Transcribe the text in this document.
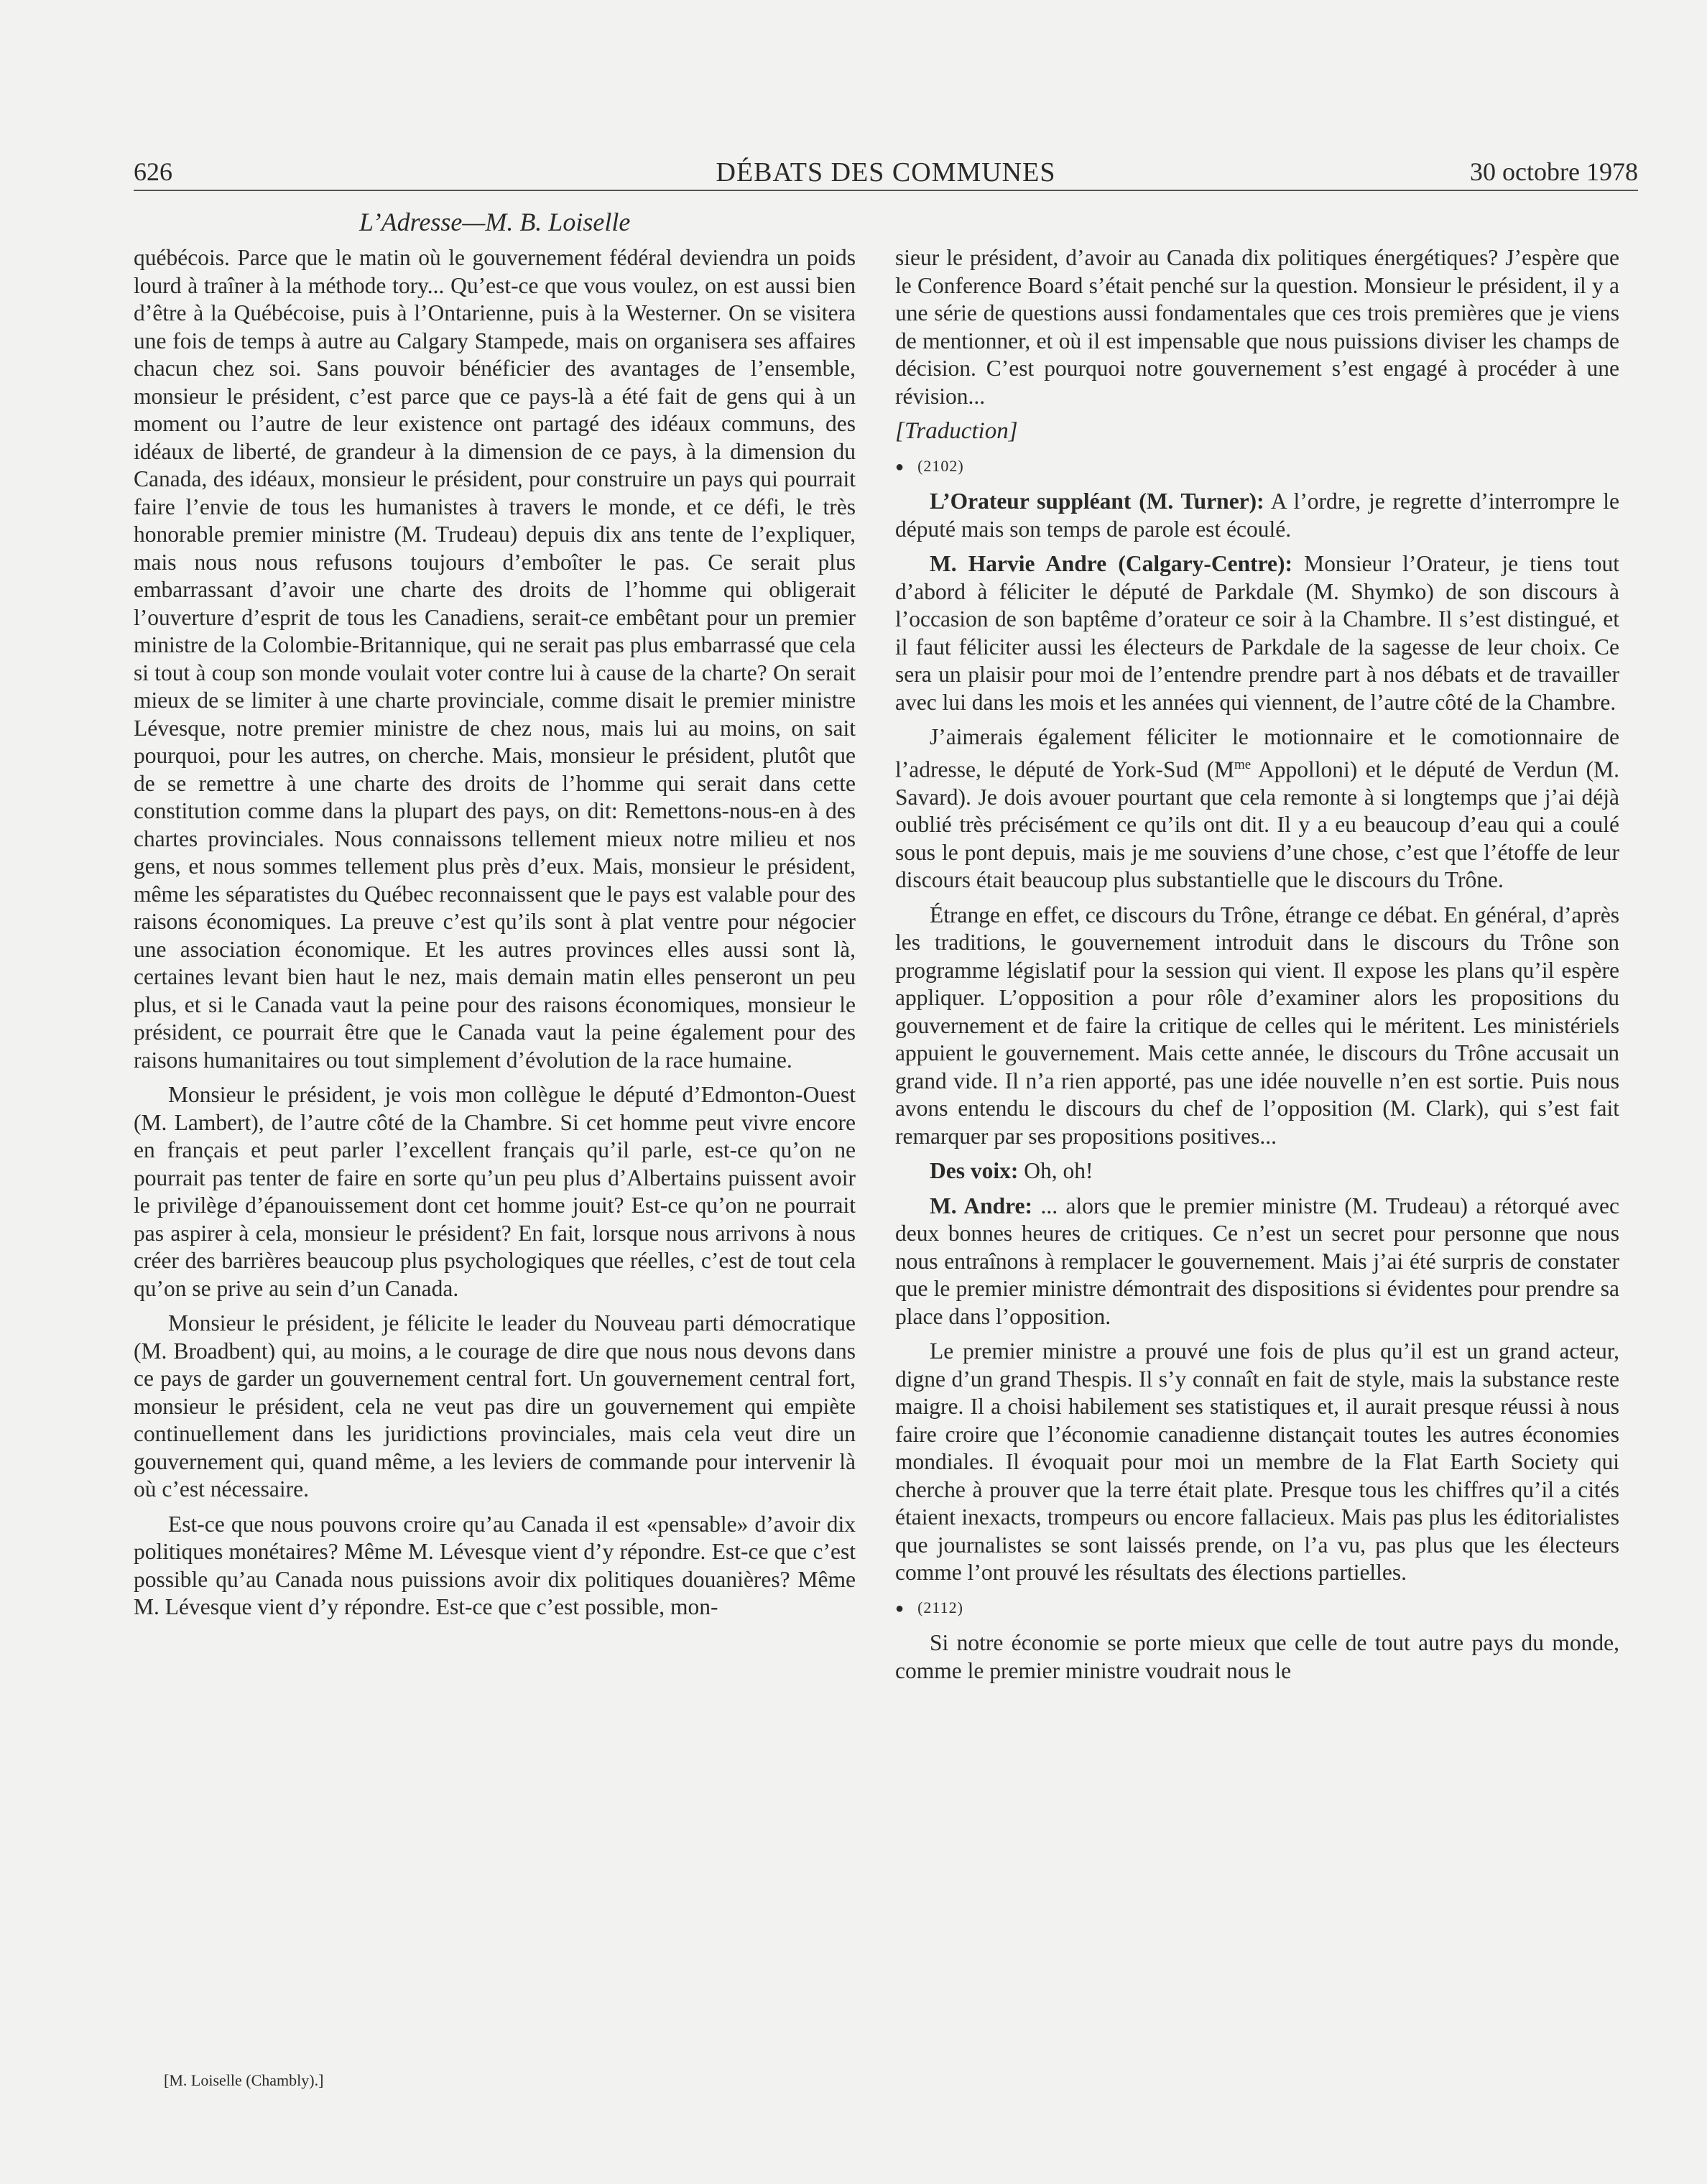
626	DÉBATS DES COMMUNES	30 octobre 1978
L’Adresse—M. B. Loiselle

québécois. Parce que le matin où le gouvernement fédéral deviendra un poids lourd à traîner à la méthode tory... Qu’est-ce que vous voulez, on est aussi bien d’être à la Québécoise, puis à l’Ontarienne, puis à la Westerner. On se visitera une fois de temps à autre au Calgary Stampede, mais on organisera ses affaires chacun chez soi. Sans pouvoir bénéficier des avantages de l’ensemble, monsieur le président, c’est parce que ce pays-là a été fait de gens qui à un moment ou l’autre de leur existence ont partagé des idéaux communs, des idéaux de liberté, de grandeur à la dimension de ce pays, à la dimension du Canada, des idéaux, monsieur le président, pour construire un pays qui pourrait faire l’envie de tous les humanistes à travers le monde, et ce défi, le très honorable premier ministre (M. Trudeau) depuis dix ans tente de l’expliquer, mais nous nous refusons toujours d’emboîter le pas. Ce serait plus embarrassant d’avoir une charte des droits de l’homme qui obligerait l’ouverture d’esprit de tous les Canadiens, serait-ce embêtant pour un premier ministre de la Colombie-Britannique, qui ne serait pas plus embarrassé que cela si tout à coup son monde voulait voter contre lui à cause de la charte? On serait mieux de se limiter à une charte provinciale, comme disait le premier ministre Lévesque, notre premier ministre de chez nous, mais lui au moins, on sait pourquoi, pour les autres, on cherche. Mais, monsieur le président, plutôt que de se remettre à une charte des droits de l’homme qui serait dans cette constitution comme dans la plupart des pays, on dit: Remettons-nous-en à des chartes provinciales. Nous connaissons tellement mieux notre milieu et nos gens, et nous sommes tellement plus près d’eux. Mais, monsieur le président, même les séparatistes du Québec reconnaissent que le pays est valable pour des raisons économiques. La preuve c’est qu’ils sont à plat ventre pour négocier une association économique. Et les autres provinces elles aussi sont là, certaines levant bien haut le nez, mais demain matin elles penseront un peu plus, et si le Canada vaut la peine pour des raisons économiques, monsieur le président, ce pourrait être que le Canada vaut la peine également pour des raisons humanitaires ou tout simplement d’évolution de la race humaine.

Monsieur le président, je vois mon collègue le député d’Edmonton-Ouest (M. Lambert), de l’autre côté de la Chambre. Si cet homme peut vivre encore en français et peut parler l’excellent français qu’il parle, est-ce qu’on ne pourrait pas tenter de faire en sorte qu’un peu plus d’Albertains puissent avoir le privilège d’épanouissement dont cet homme jouit? Est-ce qu’on ne pourrait pas aspirer à cela, monsieur le président? En fait, lorsque nous arrivons à nous créer des barrières beaucoup plus psychologiques que réelles, c’est de tout cela qu’on se prive au sein d’un Canada.

Monsieur le président, je félicite le leader du Nouveau parti démocratique (M. Broadbent) qui, au moins, a le courage de dire que nous nous devons dans ce pays de garder un gouvernement central fort. Un gouvernement central fort, monsieur le président, cela ne veut pas dire un gouvernement qui empiète continuellement dans les juridictions provinciales, mais cela veut dire un gouvernement qui, quand même, a les leviers de commande pour intervenir là où c’est nécessaire.

Est-ce que nous pouvons croire qu’au Canada il est «pensable» d’avoir dix politiques monétaires? Même M. Lévesque vient d’y répondre. Est-ce que c’est possible qu’au Canada nous puissions avoir dix politiques douanières? Même M. Lévesque vient d’y répondre. Est-ce que c’est possible, mon-

[M. Loiselle (Chambly).]

sieur le président, d’avoir au Canada dix politiques énergétiques? J’espère que le Conference Board s’était penché sur la question. Monsieur le président, il y a une série de questions aussi fondamentales que ces trois premières que je viens de mentionner, et où il est impensable que nous puissions diviser les champs de décision. C’est pourquoi notre gouvernement s’est engagé à procéder à une révision...

[Traduction]

● (2102)

L’Orateur suppléant (M. Turner): A l’ordre, je regrette d’interrompre le député mais son temps de parole est écoulé.

M. Harvie Andre (Calgary-Centre): Monsieur l’Orateur, je tiens tout d’abord à féliciter le député de Parkdale (M. Shymko) de son discours à l’occasion de son baptême d’orateur ce soir à la Chambre. Il s’est distingué, et il faut féliciter aussi les électeurs de Parkdale de la sagesse de leur choix. Ce sera un plaisir pour moi de l’entendre prendre part à nos débats et de travailler avec lui dans les mois et les années qui viennent, de l’autre côté de la Chambre.

J’aimerais également féliciter le motionnaire et le comotionnaire de l’adresse, le député de York-Sud ($M^{me}$ Appolloni) et le député de Verdun (M. Savard). Je dois avouer pourtant que cela remonte à si longtemps que j’ai déjà oublié très précisément ce qu’ils ont dit. Il y a eu beaucoup d’eau qui a coulé sous le pont depuis, mais je me souviens d’une chose, c’est que l’étoffe de leur discours était beaucoup plus substantielle que le discours du Trône.

Étrange en effet, ce discours du Trône, étrange ce débat. En général, d’après les traditions, le gouvernement introduit dans le discours du Trône son programme législatif pour la session qui vient. Il expose les plans qu’il espère appliquer. L’opposition a pour rôle d’examiner alors les propositions du gouvernement et de faire la critique de celles qui le méritent. Les ministériels appuient le gouvernement. Mais cette année, le discours du Trône accusait un grand vide. Il n’a rien apporté, pas une idée nouvelle n’en est sortie. Puis nous avons entendu le discours du chef de l’opposition (M. Clark), qui s’est fait remarquer par ses propositions positives...

Des voix: Oh, oh!

M. Andre: ... alors que le premier ministre (M. Trudeau) a rétorqué avec deux bonnes heures de critiques. Ce n’est un secret pour personne que nous nous entraînons à remplacer le gouvernement. Mais j’ai été surpris de constater que le premier ministre démontrait des dispositions si évidentes pour prendre sa place dans l’opposition.

Le premier ministre a prouvé une fois de plus qu’il est un grand acteur, digne d’un grand Thespis. Il s’y connaît en fait de style, mais la substance reste maigre. Il a choisi habilement ses statistiques et, il aurait presque réussi à nous faire croire que l’économie canadienne distançait toutes les autres économies mondiales. Il évoquait pour moi un membre de la Flat Earth Society qui cherche à prouver que la terre était plate. Presque tous les chiffres qu’il a cités étaient inexacts, trompeurs ou encore fallacieux. Mais pas plus les éditorialistes que journalistes se sont laissés prende, on l’a vu, pas plus que les électeurs comme l’ont prouvé les résultats des élections partielles.

● (2112)

Si notre économie se porte mieux que celle de tout autre pays du monde, comme le premier ministre voudrait nous le
